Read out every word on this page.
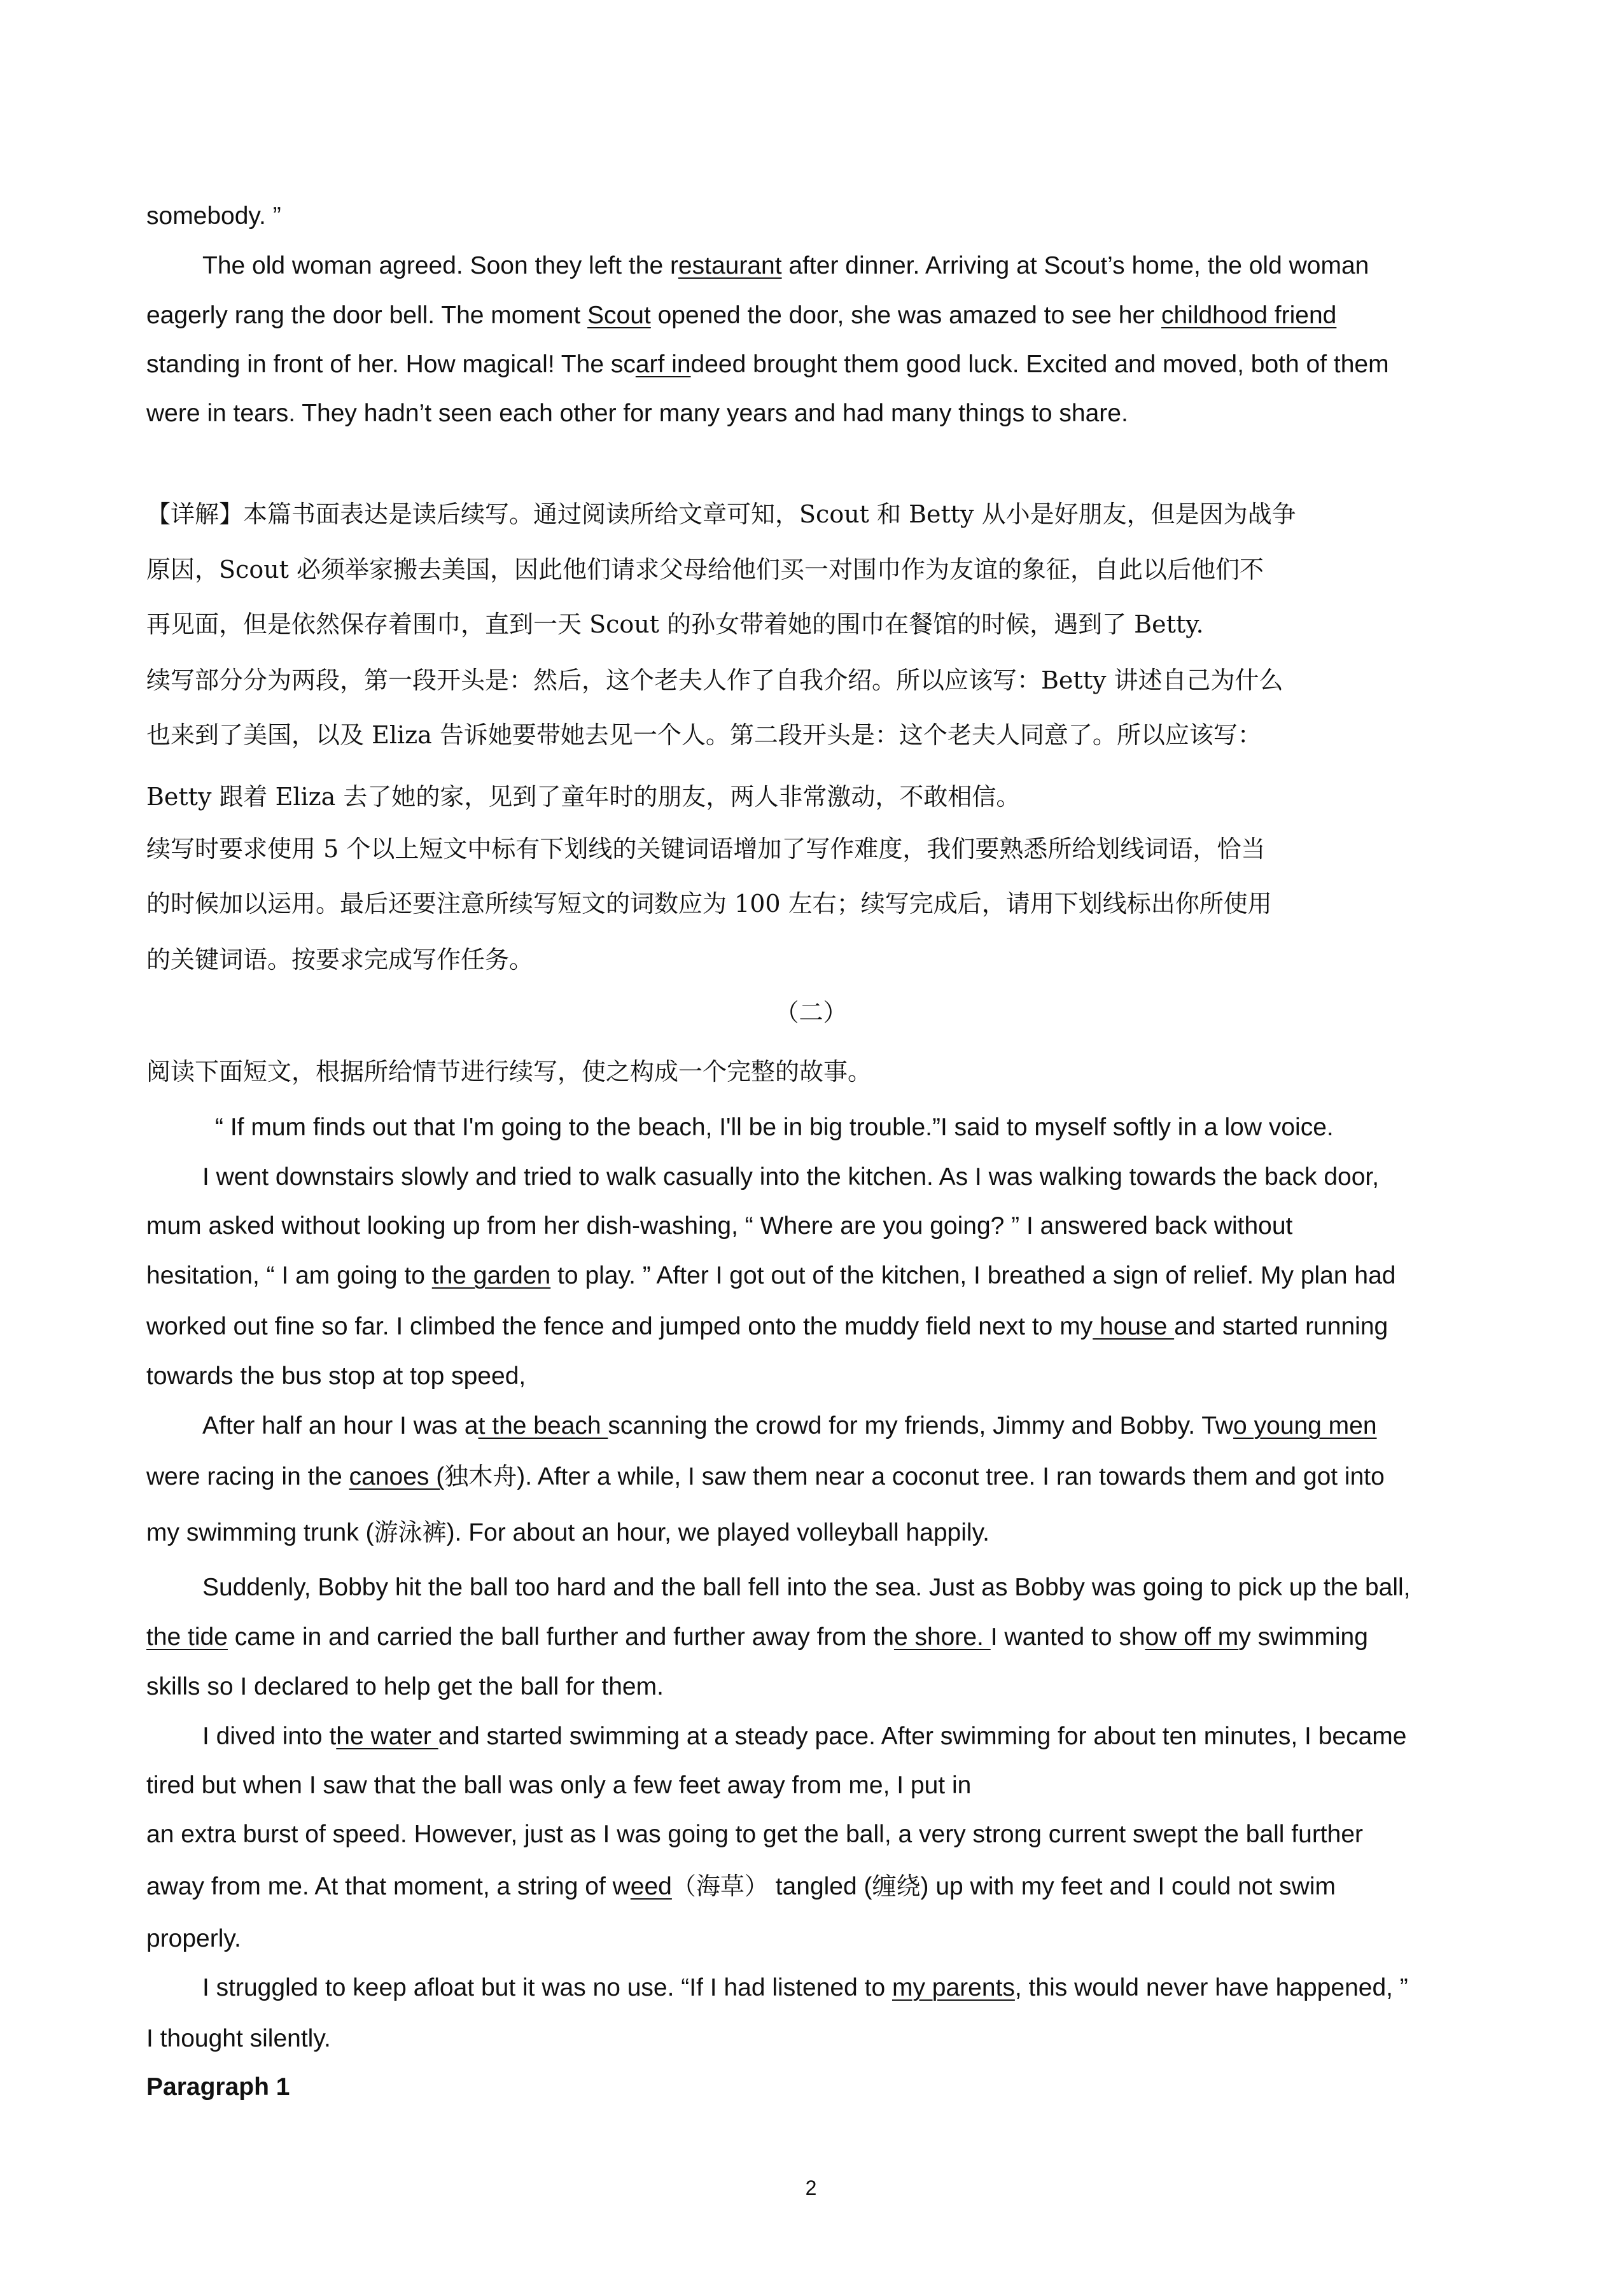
somebody. ”
The old woman agreed. Soon they left the restaurant after dinner. Arriving at Scout’s home, the old woman
eagerly rang the door bell. The moment Scout opened the door, she was amazed to see her childhood friend
standing in front of her. How magical! The scarf indeed brought them good luck. Excited and moved, both of them
were in tears. They hadn’t seen each other for many years and had many things to share.
【详解】本篇书面表达是读后续写。通过阅读所给文章可知，Scout 和 Betty 从小是好朋友，但是因为战争
原因，Scout 必须举家搬去美国，因此他们请求父母给他们买一对围巾作为友谊的象征，自此以后他们不
再见面，但是依然保存着围巾，直到一天 Scout 的孙女带着她的围巾在餐馆的时候，遇到了 Betty.
续写部分分为两段，第一段开头是：然后，这个老夫人作了自我介绍。所以应该写：Betty 讲述自己为什么
也来到了美国，以及 Eliza 告诉她要带她去见一个人。第二段开头是：这个老夫人同意了。所以应该写：
Betty 跟着 Eliza 去了她的家，见到了童年时的朋友，两人非常激动，不敢相信。
续写时要求使用 5 个以上短文中标有下划线的关键词语增加了写作难度，我们要熟悉所给划线词语，恰当
的时候加以运用。最后还要注意所续写短文的词数应为 100 左右；续写完成后，请用下划线标出你所使用
的关键词语。按要求完成写作任务。
（二）
阅读下面短文，根据所给情节进行续写，使之构成一个完整的故事。
“ If mum finds out that I'm going to the beach, I'll be in big trouble.”I said to myself softly in a low voice.
I went downstairs slowly and tried to walk casually into the kitchen. As I was walking towards the back door,
mum asked without looking up from her dish-washing, “ Where are you going? ” I answered back without
hesitation, “ I am going to the garden to play. ” After I got out of the kitchen, I breathed a sign of relief. My plan had
worked out fine so far. I climbed the fence and jumped onto the muddy field next to my house and started running
towards the bus stop at top speed,
After half an hour I was at the beach scanning the crowd for my friends, Jimmy and Bobby. Two young men
were racing in the canoes (独木舟). After a while, I saw them near a coconut tree. I ran towards them and got into
my swimming trunk (游泳裤). For about an hour, we played volleyball happily.
Suddenly, Bobby hit the ball too hard and the ball fell into the sea. Just as Bobby was going to pick up the ball,
the tide came in and carried the ball further and further away from the shore. I wanted to show off my swimming
skills so I declared to help get the ball for them.
I dived into the water and started swimming at a steady pace. After swimming for about ten minutes, I became
tired but when I saw that the ball was only a few feet away from me, I put in
an extra burst of speed. However, just as I was going to get the ball, a very strong current swept the ball further
away from me. At that moment, a string of weed（海草） tangled (缠绕) up with my feet and I could not swim
properly.
I struggled to keep afloat but it was no use. “If I had listened to my parents, this would never have happened, ”
I thought silently.
Paragraph 1
2
